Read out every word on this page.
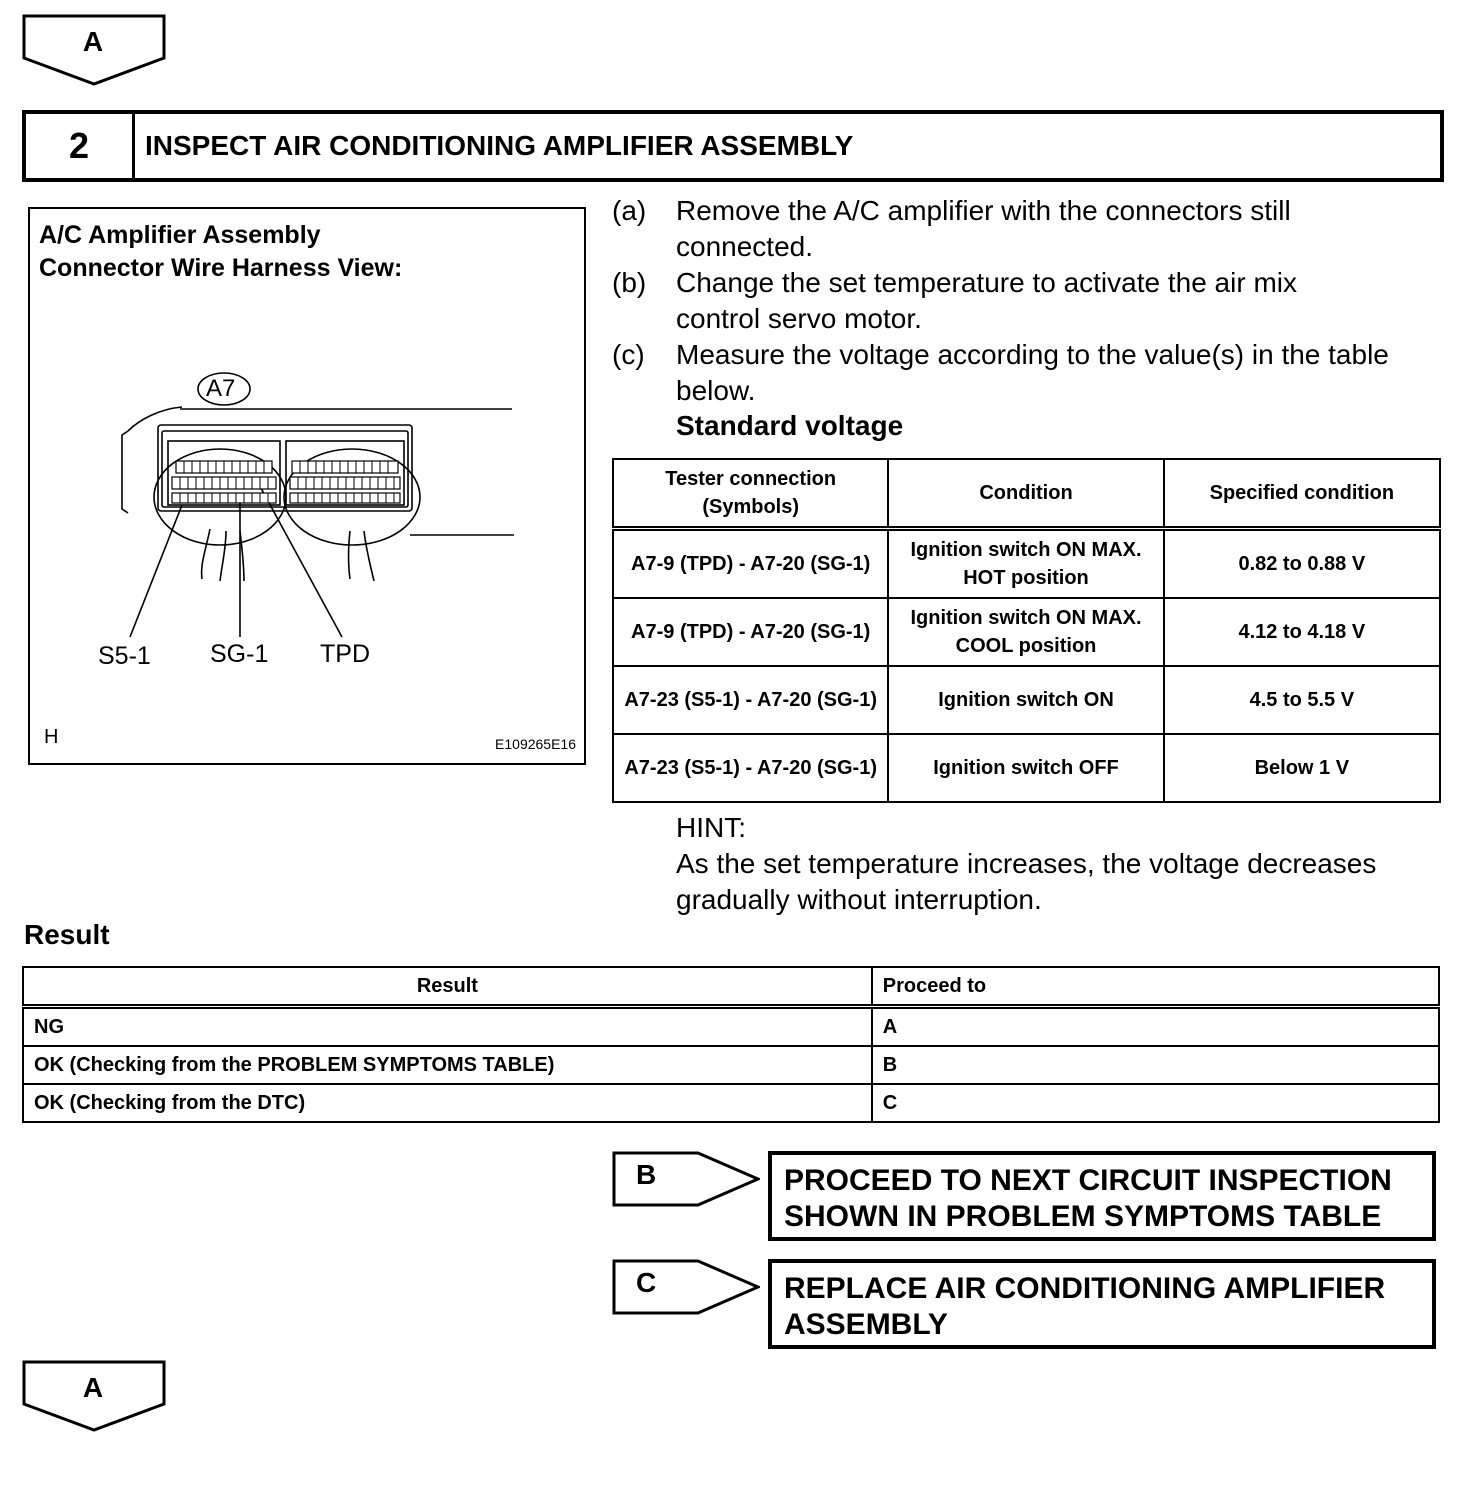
A
2	INSPECT AIR CONDITIONING AMPLIFIER ASSEMBLY
A/C Amplifier Assembly
Connector Wire Harness View:
A7
S5-1 SG-1 TPD
H	E109265E16
(a)	Remove the A/C amplifier with the connectors still connected.
(b)	Change the set temperature to activate the air mix control servo motor.
(c)	Measure the voltage according to the value(s) in the table below.
Standard voltage
Tester connection (Symbols)	Condition	Specified condition
A7-9 (TPD) - A7-20 (SG-1)	Ignition switch ON MAX. HOT position	0.82 to 0.88 V
A7-9 (TPD) - A7-20 (SG-1)	Ignition switch ON MAX. COOL position	4.12 to 4.18 V
A7-23 (S5-1) - A7-20 (SG-1)	Ignition switch ON	4.5 to 5.5 V
A7-23 (S5-1) - A7-20 (SG-1)	Ignition switch OFF	Below 1 V
HINT:
As the set temperature increases, the voltage decreases gradually without interruption.
Result
Result	Proceed to
NG	A
OK (Checking from the PROBLEM SYMPTOMS TABLE)	B
OK (Checking from the DTC)	C
B	PROCEED TO NEXT CIRCUIT INSPECTION SHOWN IN PROBLEM SYMPTOMS TABLE
C	REPLACE AIR CONDITIONING AMPLIFIER ASSEMBLY
A
